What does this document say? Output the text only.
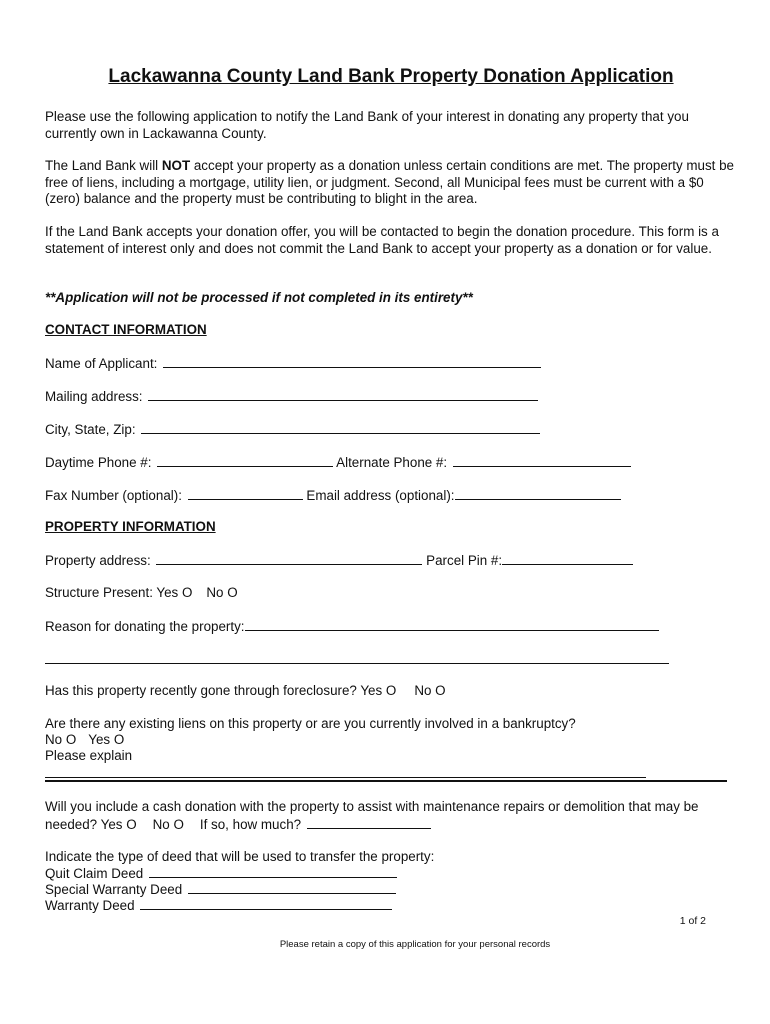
Lackawanna County Land Bank Property Donation Application
Please use the following application to notify the Land Bank of your interest in donating any property that you currently own in Lackawanna County.
The Land Bank will NOT accept your property as a donation unless certain conditions are met. The property must be free of liens, including a mortgage, utility lien, or judgment. Second, all Municipal fees must be current with a $0 (zero) balance and the property must be contributing to blight in the area.
If the Land Bank accepts your donation offer, you will be contacted to begin the donation procedure. This form is a statement of interest only and does not commit the Land Bank to accept your property as a donation or for value.
**Application will not be processed if not completed in its entirety**
CONTACT INFORMATION
Name of Applicant:
Mailing address:
City, State, Zip:
Daytime Phone #:	Alternate Phone #:
Fax Number (optional):	Email address (optional):
PROPERTY INFORMATION
Property address:	Parcel Pin #:
Structure Present: Yes O No O
Reason for donating the property:
Has this property recently gone through foreclosure? Yes O No O
Are there any existing liens on this property or are you currently involved in a bankruptcy?
No O Yes O
Please explain
Will you include a cash donation with the property to assist with maintenance repairs or demolition that may be needed? Yes O No O If so, how much?
Indicate the type of deed that will be used to transfer the property:
Quit Claim Deed
Special Warranty Deed
Warranty Deed
1 of 2
Please retain a copy of this application for your personal records
